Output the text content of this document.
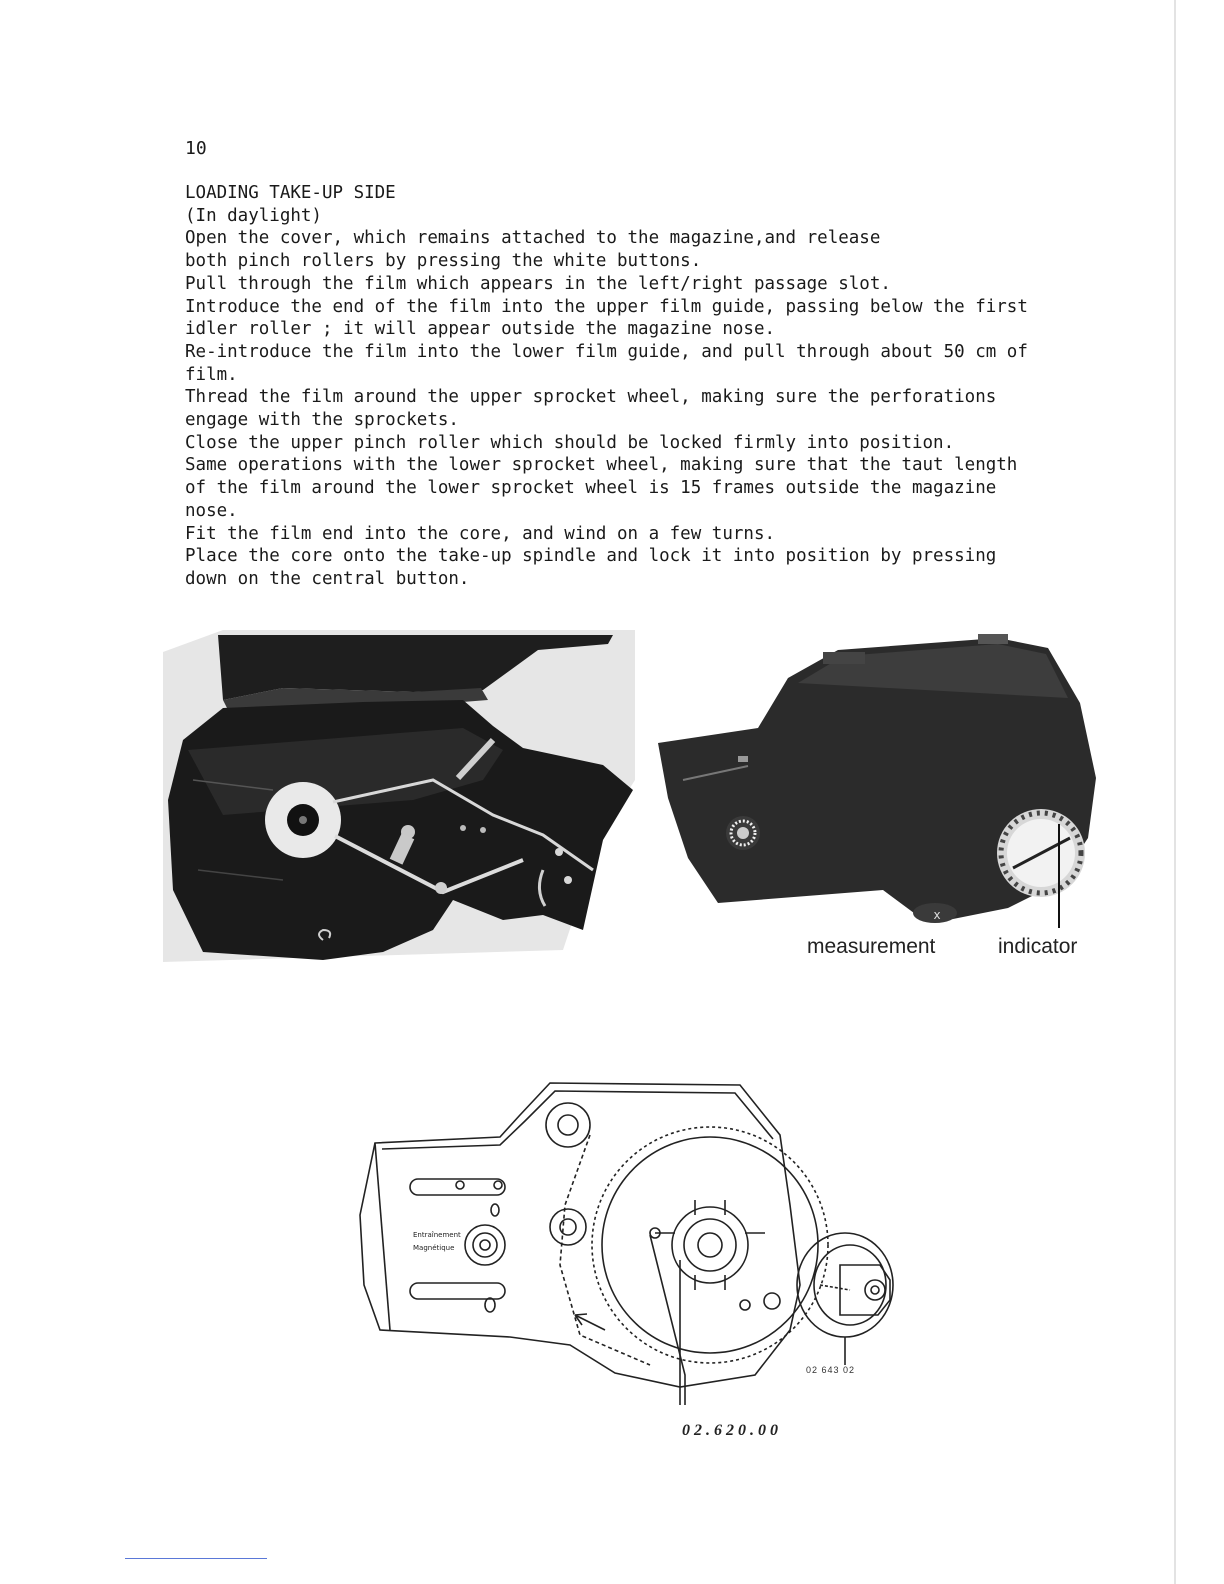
10
LOADING TAKE-UP SIDE
(In daylight)
Open the cover, which remains attached to the magazine,and release
both pinch rollers by pressing the white buttons.
Pull through the film which appears in the left/right passage slot.
Introduce the end of the film into the upper film guide, passing below the first
idler roller ; it will appear outside the magazine nose.
Re-introduce the film into the lower film guide, and pull through about 50 cm of
film.
Thread the film around the upper sprocket wheel, making sure the perforations
engage with the sprockets.
Close the upper pinch roller which should be locked firmly into position.
Same operations with the lower sprocket wheel, making sure that the taut length
of the film around the lower sprocket wheel is 15 frames outside the magazine
nose.
Fit the film end into the core, and wind on a few turns.
Place the core onto the take-up spindle and lock it into position by pressing
down on the central button.
x
measurement	indicator
Entraînement
Magnétique
02 643 02
02.620.00
